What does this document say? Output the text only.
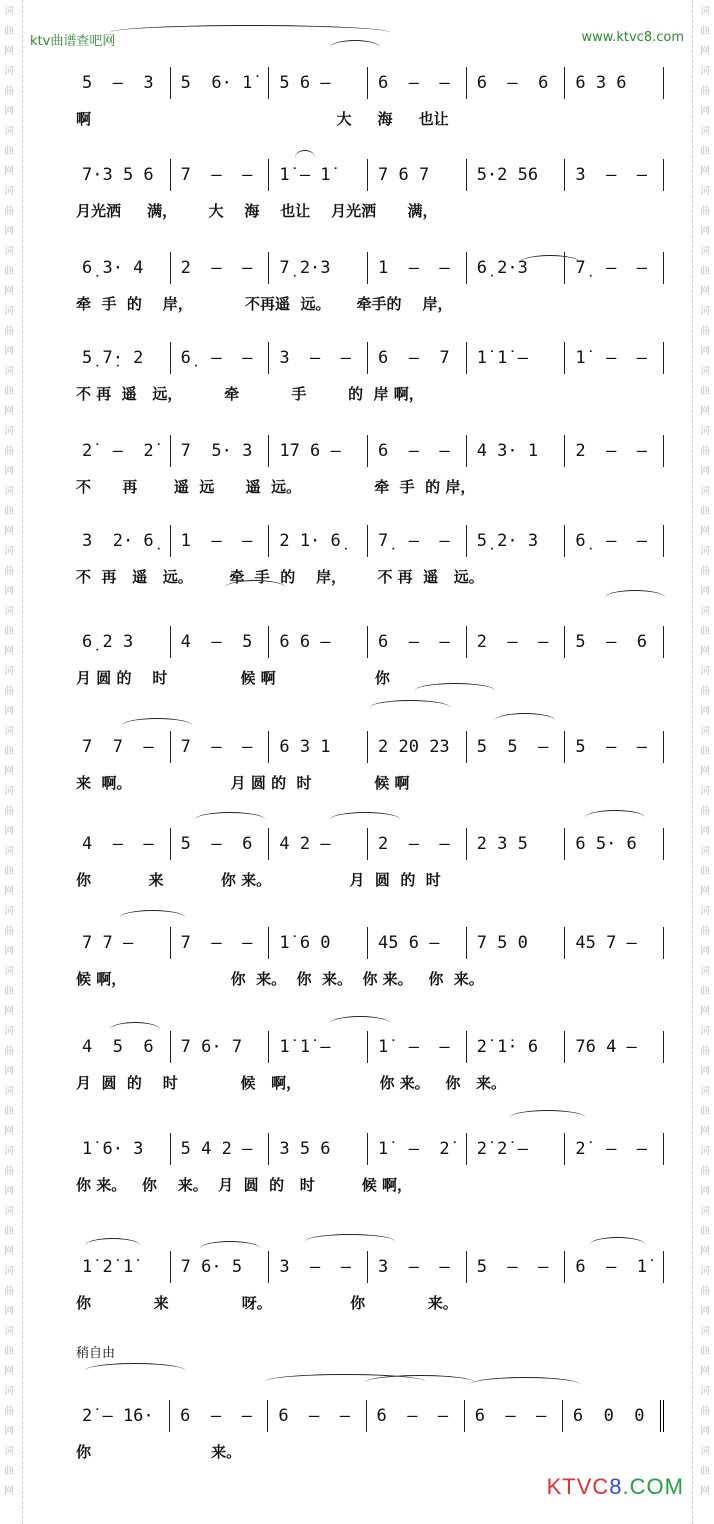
词
曲
网
词
曲
网
词
曲
网
词
曲
网
词
曲
网
词
曲
网
词
曲
网
词
曲
网
词
曲
网
词
曲
网
词
曲
网
词
曲
网
词
曲
网
词
曲
网
词
曲
网
词
曲
网
词
曲
网
词
曲
网
词
曲
网
词
曲
网
词
曲
网
词
曲
网
词
曲
网
词
曲
网
词
曲
网
词
曲
网
词
曲
网
词
曲
网
词
曲
网
词
曲
网
词
曲
网
词
曲
网
词
曲
网
词
曲
网
词
曲
网
词
曲
网
词
曲
网
词
曲
网
词
曲
网
词
曲
网
词
曲
网
词
曲
网
词
曲
网
词
曲
网
词
曲
网
词
曲
网
词
曲
网
词
曲
网
词
曲
网
词
曲
网
ktv曲谱查吧网	www.ktvc8.com
5  –  3	5  6· 1̇	5 6 –	6  –  –	6  –  6	6 3 6
啊                                               大     海     也让
7·3 5 6	7  –  –	1̇ – 1̇	7 6 7	5·2 56	3  –  –
月光洒     满，      大    海    也让    月光洒      满，
6̣ 3· 4	2  –  –	7̣ 2·3	1  –  –	6̣ 2·3	7̣  –  –
牵  手  的    岸，          不再遥  远。     牵手的    岸，
5̣ 7̣· 2	6̣  –  –	3  –  –	6  –  7	1̇ 1̇ –	1̇  –  –
不 再  遥   远，        牵          手        的  岸 啊，
2̇  –  2̇	7  5· 3	1̇7 6 –	6  –  –	4 3· 1	2  –  –
不      再       遥  远      遥  远。              牵  手  的 岸，
3  2· 6̣	1  –  –	2 1· 6̣	7̣  –  –	5̣ 2· 3	6̣  –  –
不  再   遥   远。       牵  手  的    岸，      不 再  遥   远。
6̣ 2 3	4  –  5	6 6 –	6  –  –	2  –  –	5  –  6
月 圆 的    时              候 啊                   你
7  7  –	7  –  –	6 3 1	2 20 23	5  5  –	5  –  –
来  啊。                   月 圆 的  时            候 啊
4  –  –	5  –  6	4 2 –	2  –  –	2 3 5	6 5· 6
你           来           你 来。               月  圆  的  时
7 7 –	7  –  –	1̇ 6 0	45 6 –	7 5 0	45 7 –
候 啊，                    你  来。  你  来。  你 来。   你  来。
4  5  6	7 6· 7	1̇ 1̇ –	1̇  –  –	2̇ 1̇· 6	76 4 –
月  圆  的    时            候   啊，               你 来。   你   来。
1̇ 6· 3	5 4 2 –	3 5 6	1̇  –  2̇	2̇ 2̇ –	2̇  –  –
你 来。   你    来。  月  圆  的   时         候 啊，
1̇ 2̇ 1̇	7 6· 5	3  –  –	3  –  –	5  –  –	6  –  1̇
你            来              呀。               你            来。
2̇ – 1̇6·	6  –  –	6  –  –	6  –  –	6  –  –	6  0  0
你                       来。
稍自由
KTVC8.COM
